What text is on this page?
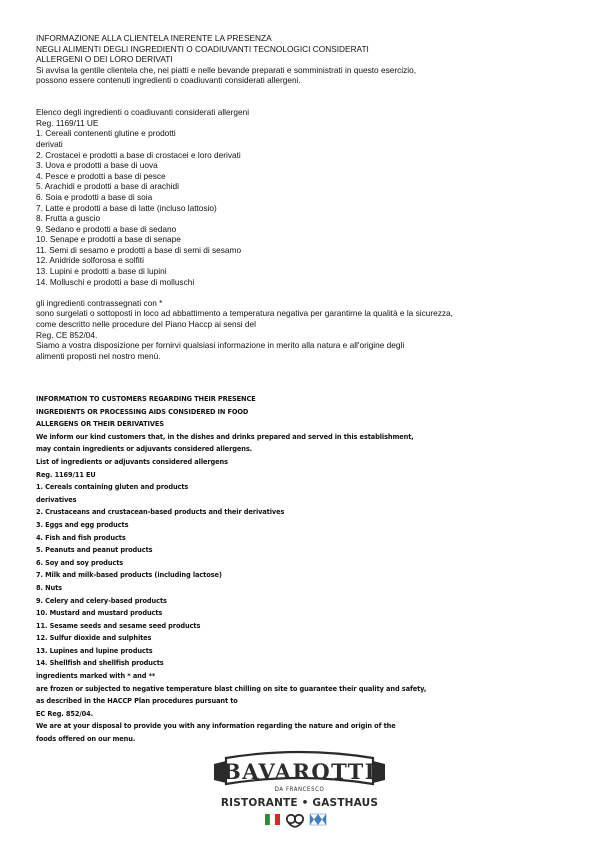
INFORMAZIONE ALLA CLIENTELA INERENTE LA PRESENZA
NEGLI ALIMENTI DEGLI INGREDIENTI O COADIUVANTI TECNOLOGICI CONSIDERATI
ALLERGENI O DEI LORO DERIVATI
Si avvisa la gentile clientela che, nei piatti e nelle bevande preparati e somministrati in questo esercizio,
possono essere contenuti ingredienti o coadiuvanti considerati allergeni.
Elenco degli ingredienti o coadiuvanti considerati allergeni
Reg. 1169/11 UE
1. Cereali contenenti glutine e prodotti
derivati
2. Crostacei e prodotti a base di crostacei e loro derivati
3. Uova e prodotti a base di uova
4. Pesce e prodotti a base di pesce
5. Arachidi e prodotti a base di arachidi
6. Soia e prodotti a base di soia
7. Latte e prodotti a base di latte (incluso lattosio)
8. Frutta a guscio
9. Sedano e prodotti a base di sedano
10. Senape e prodotti a base di senape
11. Semi di sesamo e prodotti a base di semi di sesamo
12. Anidride solforosa e solfiti
13. Lupini e prodotti a base di lupini
14. Molluschi e prodotti a base di molluschi
gli ingredienti contrassegnati con *
sono surgelati o sottoposti in loco ad abbattimento a temperatura negativa per garantirne la qualità e la sicurezza,
come descritto nelle procedure del Piano Haccp ai sensi del
Reg. CE 852/04.
Siamo a vostra disposizione per fornirvi qualsiasi informazione in merito alla natura e all'origine degli
alimenti proposti nel nostro menù.
INFORMATION TO CUSTOMERS REGARDING THEIR PRESENCE
INGREDIENTS OR PROCESSING AIDS CONSIDERED IN FOOD
ALLERGENS OR THEIR DERIVATIVES
We inform our kind customers that, in the dishes and drinks prepared and served in this establishment,
may contain ingredients or adjuvants considered allergens.
List of ingredients or adjuvants considered allergens
Reg. 1169/11 EU
1. Cereals containing gluten and products
derivatives
2. Crustaceans and crustacean-based products and their derivatives
3. Eggs and egg products
4. Fish and fish products
5. Peanuts and peanut products
6. Soy and soy products
7. Milk and milk-based products (including lactose)
8. Nuts
9. Celery and celery-based products
10. Mustard and mustard products
11. Sesame seeds and sesame seed products
12. Sulfur dioxide and sulphites
13. Lupines and lupine products
14. Shellfish and shellfish products
ingredients marked with * and **
are frozen or subjected to negative temperature blast chilling on site to guarantee their quality and safety,
as described in the HACCP Plan procedures pursuant to
EC Reg. 852/04.
We are at your disposal to provide you with any information regarding the nature and origin of the
foods offered on our menu.
BAVAROTTI
DA FRANCESCO
RISTORANTE • GASTHAUS
